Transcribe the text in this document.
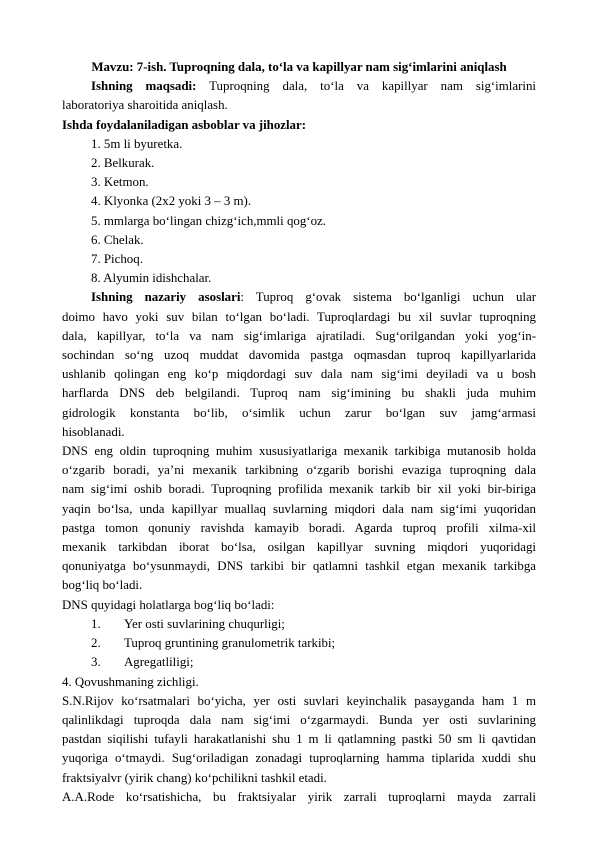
Mavzu: 7-ish. Tuproqning dala, to‘la va kapillyar nam sig‘imlarini aniqlash

Ishning maqsadi: Tuproqning dala, to‘la va kapillyar nam sig‘imlarini

laboratoriya sharoitida aniqlash.

Ishda foydalaniladigan asboblar va jihozlar:

1. 5m li byuretka.

2. Belkurak.

3. Ketmon.

4. Klyonka (2x2 yoki 3 – 3 m).

5. mmlarga bo‘lingan chizg‘ich,mmli qog‘oz.

6. Chelak.

7. Pichoq.

8. Alyumin idishchalar.

Ishning nazariy asoslari: Tuproq g‘ovak sistema bo‘lganligi uchun ular

doimo havo yoki suv bilan to‘lgan bo‘ladi. Tuproqlardagi bu xil suvlar tuproqning

dala, kapillyar, to‘la va nam sig‘imlariga ajratiladi. Sug‘orilgandan yoki yog‘in-

sochindan so‘ng uzoq muddat davomida pastga oqmasdan tuproq kapillyarlarida

ushlanib qolingan eng ko‘p miqdordagi suv dala nam sig‘imi deyiladi va u bosh

harflarda DNS deb belgilandi. Tuproq nam sig‘imining bu shakli juda muhim

gidrologik konstanta bo‘lib, o‘simlik uchun zarur bo‘lgan suv jamg‘armasi

hisoblanadi.

DNS eng oldin tuproqning muhim xususiyatlariga mexanik tarkibiga mutanosib holda

o‘zgarib boradi, ya’ni mexanik tarkibning o‘zgarib borishi evaziga tuproqning dala

nam sig‘imi oshib boradi. Tuproqning profilida mexanik tarkib bir xil yoki bir-biriga

yaqin bo‘lsa, unda kapillyar muallaq suvlarning miqdori dala nam sig‘imi yuqoridan

pastga tomon qonuniy ravishda kamayib boradi. Agarda tuproq profili xilma-xil

mexanik tarkibdan iborat bo‘lsa, osilgan kapillyar suvning miqdori yuqoridagi

qonuniyatga bo‘ysunmaydi, DNS tarkibi bir qatlamni tashkil etgan mexanik tarkibga

bog‘liq bo‘ladi.

DNS quyidagi holatlarga bog‘liq bo‘ladi:

1.	Yer osti suvlarining chuqurligi;
2.	Tuproq gruntining granulometrik tarkibi;
3.	Agregatliligi;

4. Qovushmaning zichligi.

S.N.Rijov ko‘rsatmalari bo‘yicha, yer osti suvlari keyinchalik pasayganda ham 1 m

qalinlikdagi tuproqda dala nam sig‘imi o‘zgarmaydi. Bunda yer osti suvlarining

pastdan siqilishi tufayli harakatlanishi shu 1 m li qatlamning pastki 50 sm li qavtidan

yuqoriga o‘tmaydi. Sug‘oriladigan zonadagi tuproqlarning hamma tiplarida xuddi shu

fraktsiyalvr (yirik chang) ko‘pchilikni tashkil etadi.

A.A.Rode ko‘rsatishicha, bu fraktsiyalar yirik zarrali tuproqlarni mayda zarrali
